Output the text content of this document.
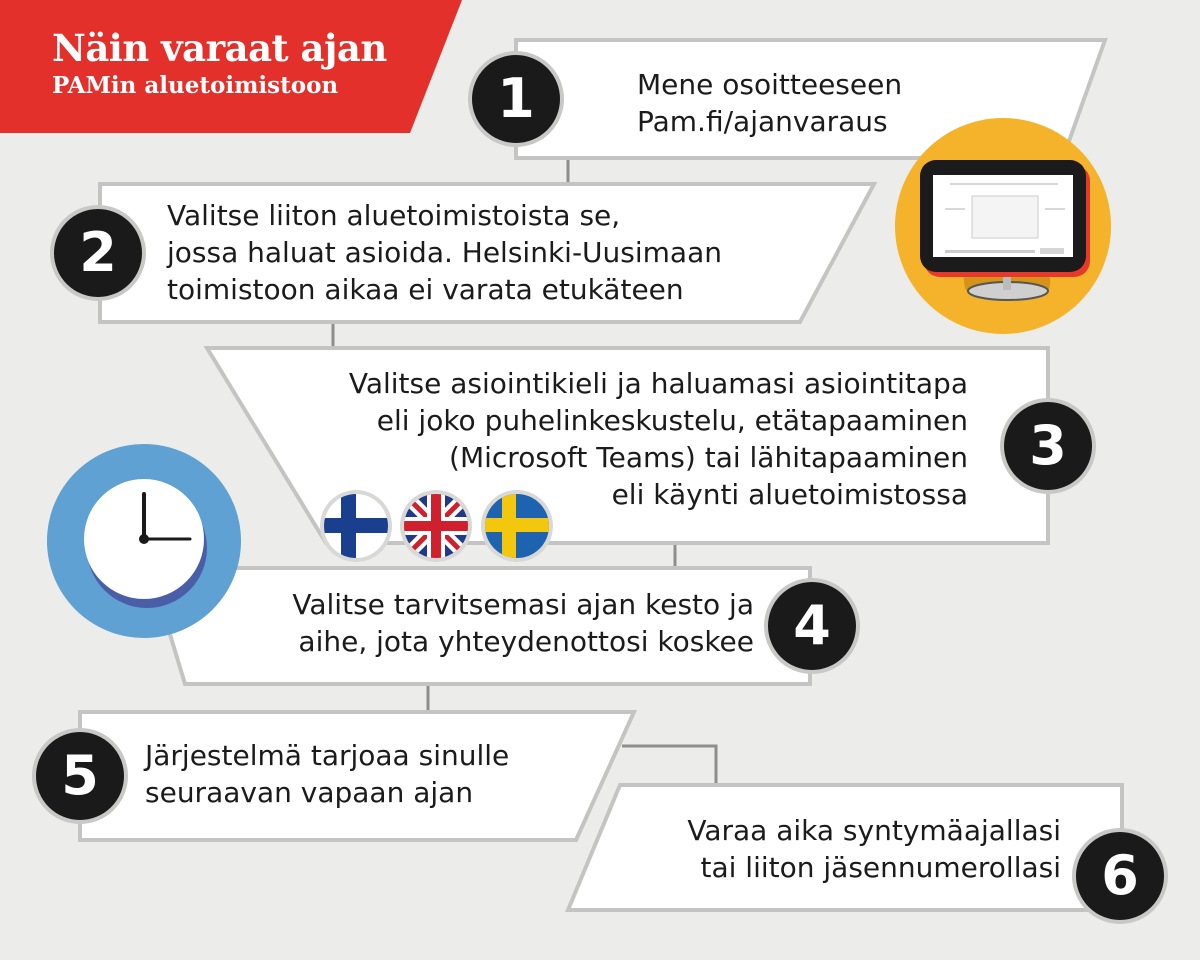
Näin varaat ajan
PAMin aluetoimistoon	1
2
3
4
5
6
Mene osoitteeseen
Pam.fi/ajanvaraus
Valitse liiton aluetoimistoista se,
jossa haluat asioida. Helsinki-Uusimaan
toimistoon aikaa ei varata etukäteen
Valitse asiointikieli ja haluamasi asiointitapa
eli joko puhelinkeskustelu, etätapaaminen
(Microsoft Teams) tai lähitapaaminen
eli käynti aluetoimistossa
Valitse tarvitsemasi ajan kesto ja
aihe, jota yhteydenottosi koskee
Järjestelmä tarjoaa sinulle
seuraavan vapaan ajan
Varaa aika syntymäajallasi
tai liiton jäsennumerollasi
